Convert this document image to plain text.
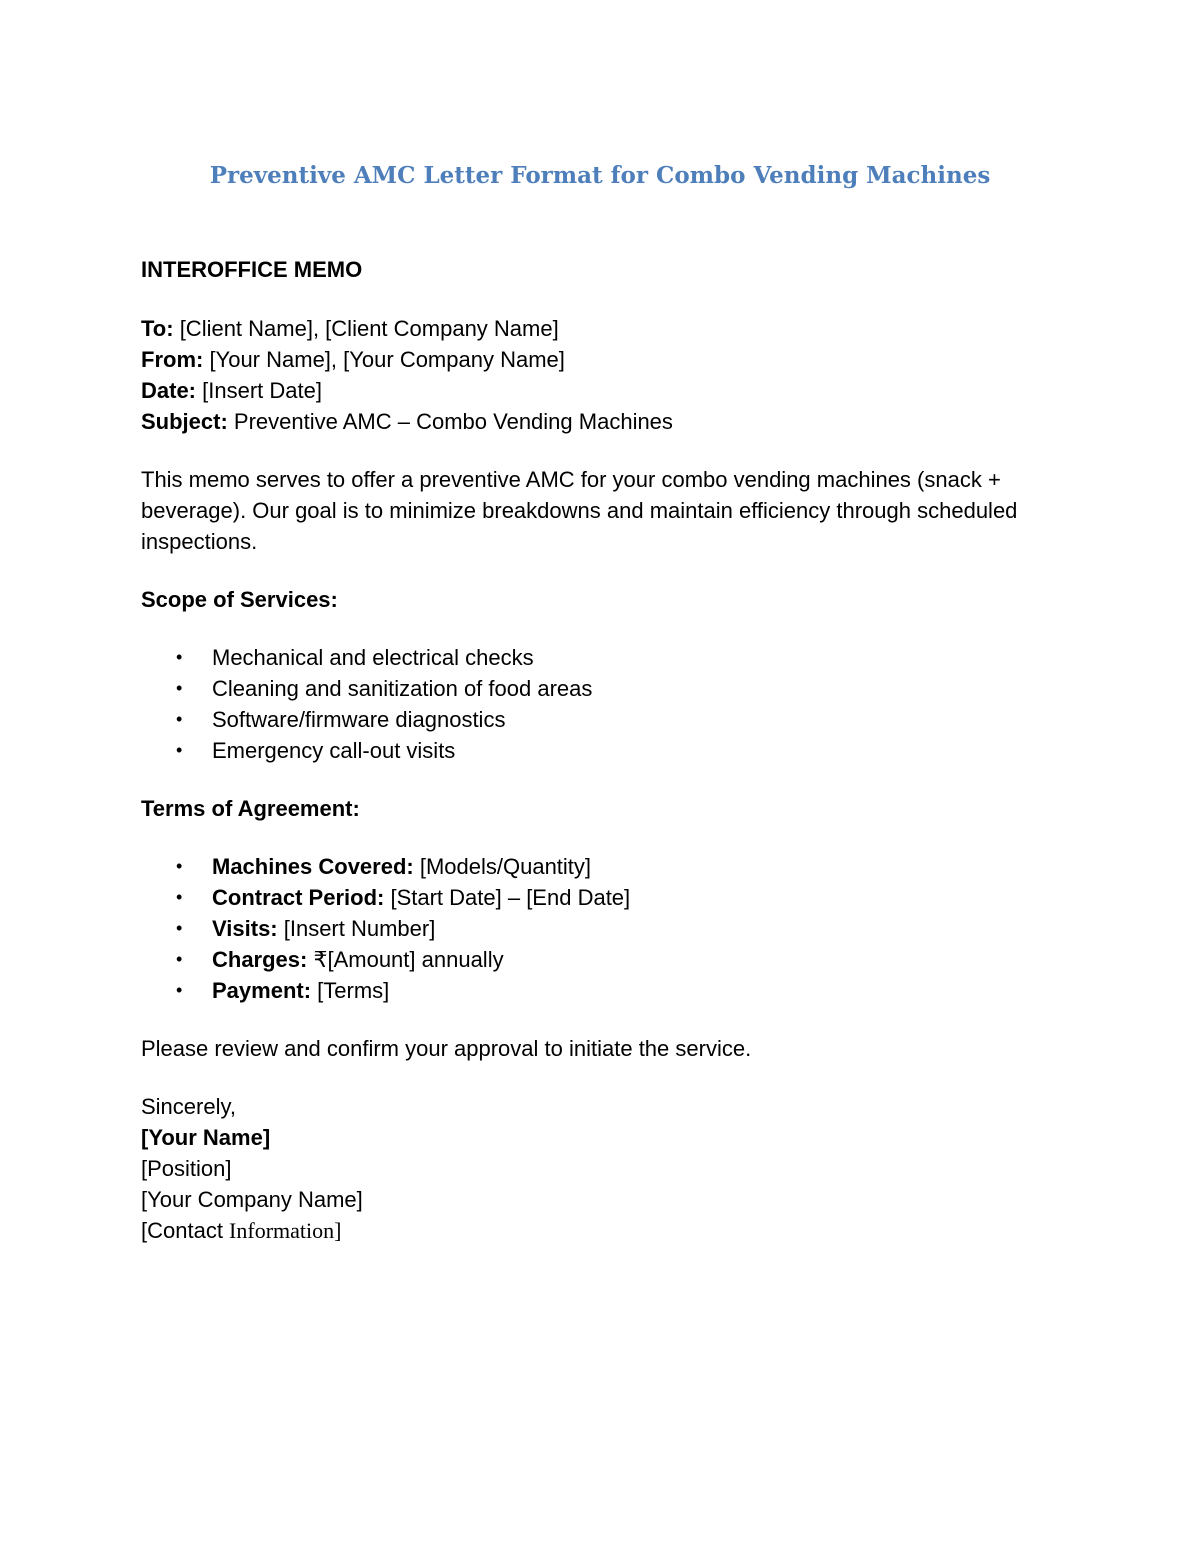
Preventive AMC Letter Format for Combo Vending Machines

INTEROFFICE MEMO

To: [Client Name], [Client Company Name]

From: [Your Name], [Your Company Name]

Date: [Insert Date]

Subject: Preventive AMC – Combo Vending Machines

This memo serves to offer a preventive AMC for your combo vending machines (snack + beverage). Our goal is to minimize breakdowns and maintain efficiency through scheduled inspections.

Scope of Services:

• Mechanical and electrical checks
• Cleaning and sanitization of food areas
• Software/firmware diagnostics
• Emergency call-out visits

Terms of Agreement:

• Machines Covered: [Models/Quantity]
• Contract Period: [Start Date] – [End Date]
• Visits: [Insert Number]
• Charges: ₹[Amount] annually
• Payment: [Terms]

Please review and confirm your approval to initiate the service.

Sincerely,

[Your Name]

[Position]

[Your Company Name]

[Contact Information]
